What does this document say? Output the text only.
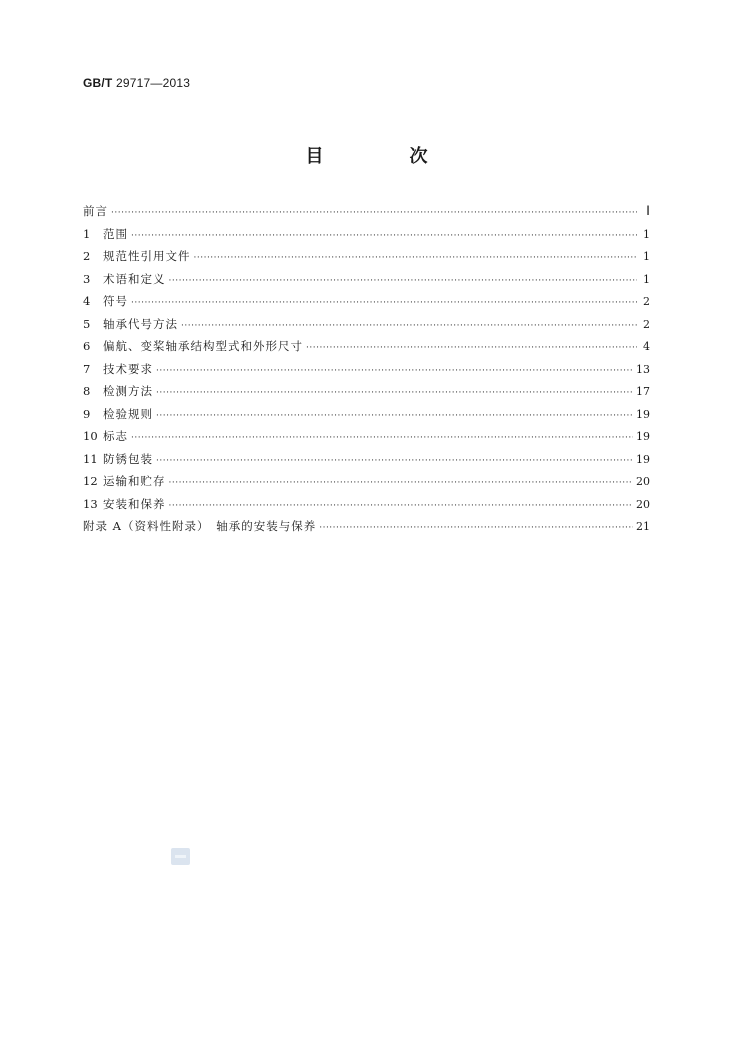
GB/T 29717—2013
目　次
前言 ·····	Ⅰ
1 范围 ·····	1
2 规范性引用文件 ·····	1
3 术语和定义 ·····	1
4 符号 ·····	2
5 轴承代号方法 ·····	2
6 偏航、变桨轴承结构型式和外形尺寸 ·····	4
7 技术要求 ·····	13
8 检测方法 ·····	17
9 检验规则 ·····	19
10 标志 ·····	19
11 防锈包装 ·····	19
12 运输和贮存 ·····	20
13 安装和保养 ·····	20
附录 A（资料性附录）　轴承的安装与保养 ·····	21
